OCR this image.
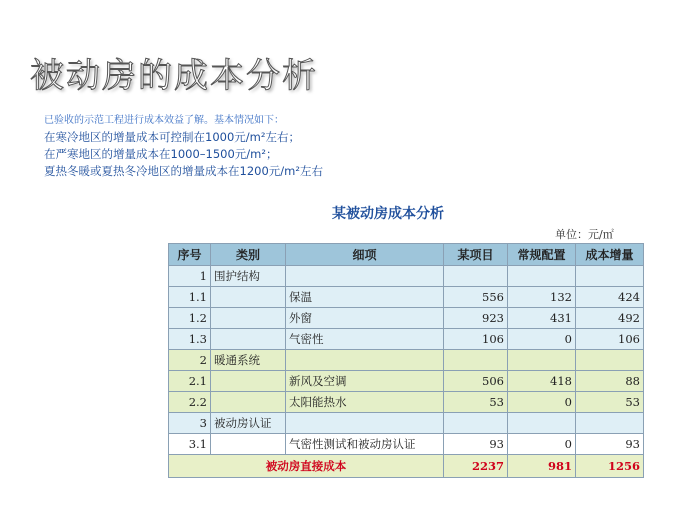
被动房的成本分析
已验收的示范工程进行成本效益了解。基本情况如下：
在寒冷地区的增量成本可控制在1000元/m²左右；
在严寒地区的增量成本在1000–1500元/m²；
夏热冬暖或夏热冬冷地区的增量成本在1200元/m²左右
某被动房成本分析
单位：元/㎡
序号	类别	细项	某项目	常规配置	成本增量
1	围护结构				
1.1		保温	556	132	424
1.2		外窗	923	431	492
1.3		气密性	106	0	106
2	暖通系统				
2.1		新风及空调	506	418	88
2.2		太阳能热水	53	0	53
3	被动房认证				
3.1		气密性测试和被动房认证	93	0	93
被动房直接成本			2237	981	1256
